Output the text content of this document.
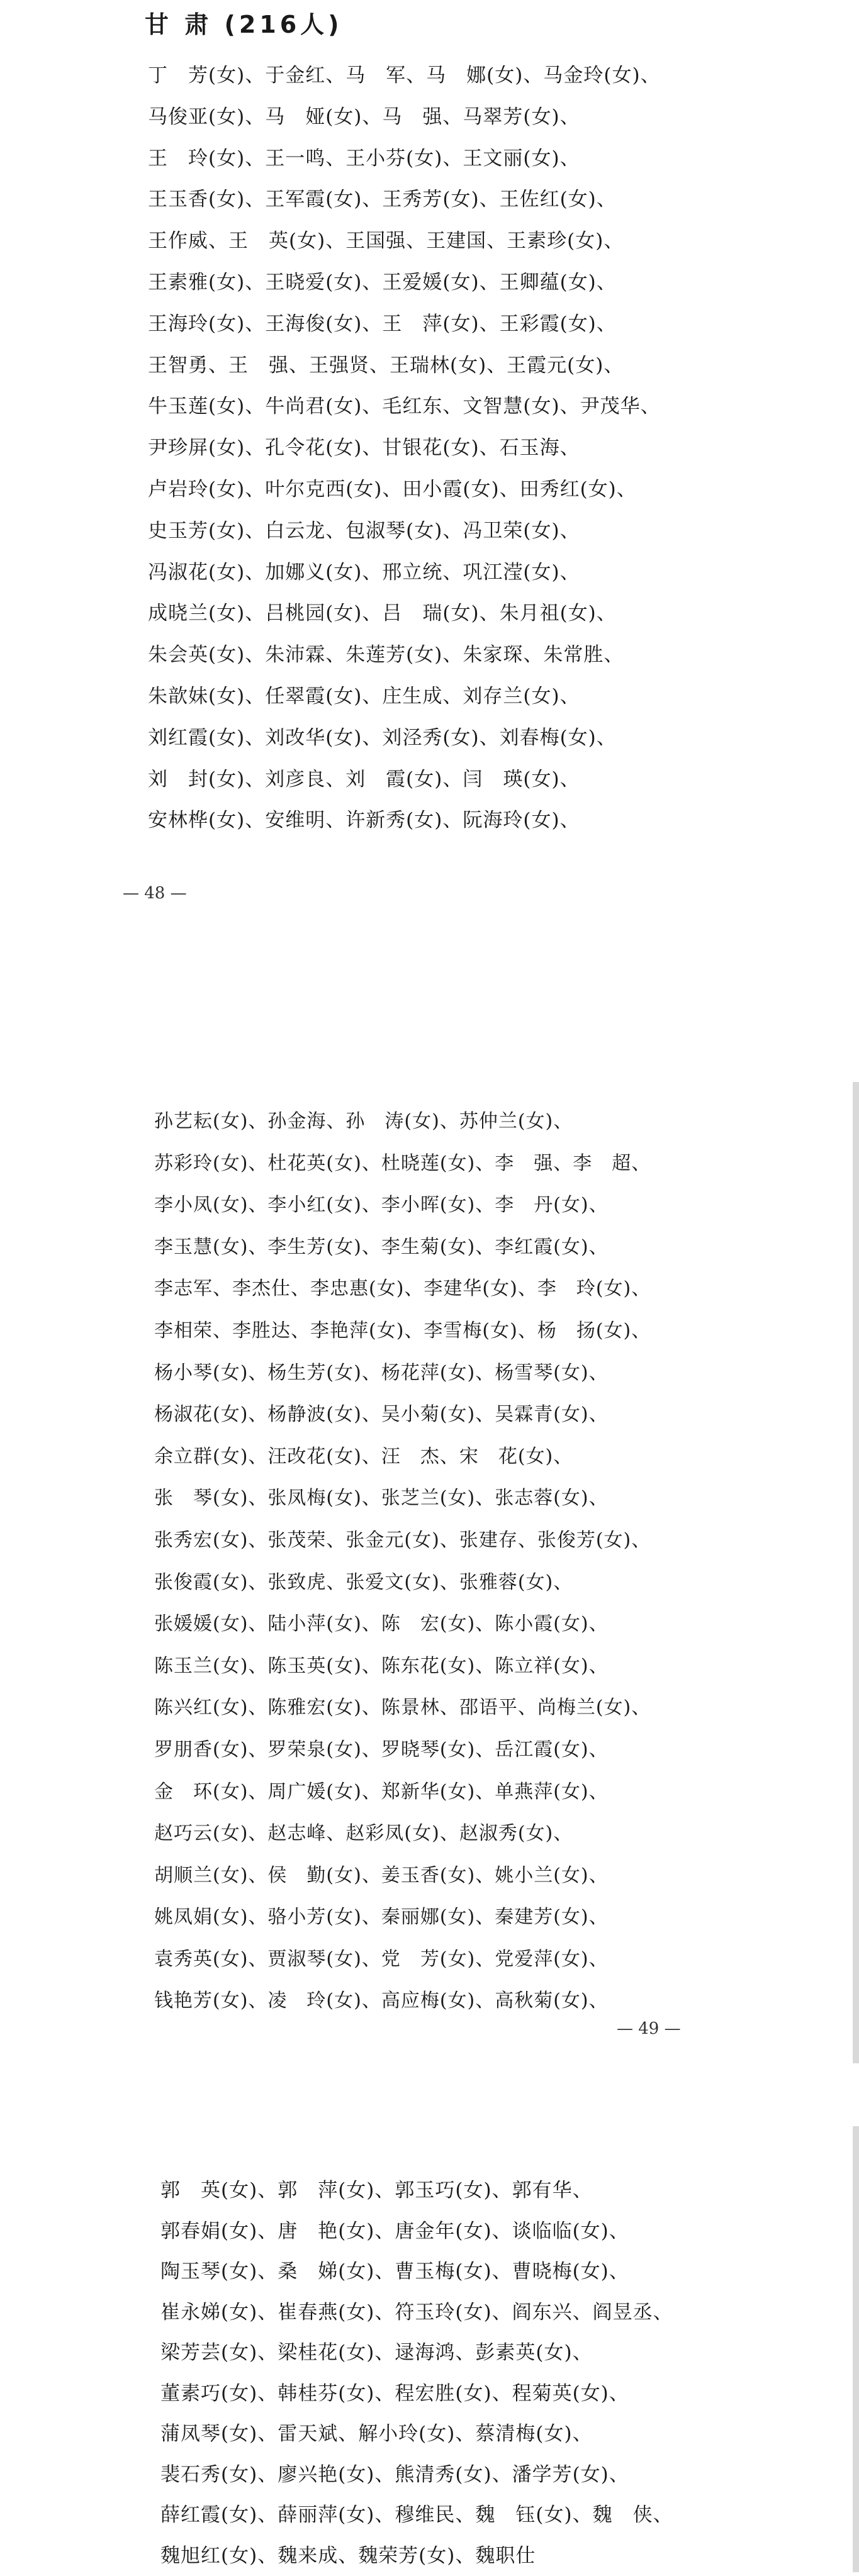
甘 肃 (216人)
丁　芳(女)、于金红、马　军、马　娜(女)、马金玲(女)、
马俊亚(女)、马　娅(女)、马　强、马翠芳(女)、
王　玲(女)、王一鸣、王小芬(女)、王文丽(女)、
王玉香(女)、王军霞(女)、王秀芳(女)、王佐红(女)、
王作威、王　英(女)、王国强、王建国、王素珍(女)、
王素雅(女)、王晓爱(女)、王爱媛(女)、王卿蕴(女)、
王海玲(女)、王海俊(女)、王　萍(女)、王彩霞(女)、
王智勇、王　强、王强贤、王瑞林(女)、王霞元(女)、
牛玉莲(女)、牛尚君(女)、毛红东、文智慧(女)、尹茂华、
尹珍屏(女)、孔令花(女)、甘银花(女)、石玉海、
卢岩玲(女)、叶尔克西(女)、田小霞(女)、田秀红(女)、
史玉芳(女)、白云龙、包淑琴(女)、冯卫荣(女)、
冯淑花(女)、加娜义(女)、邢立统、巩江滢(女)、
成晓兰(女)、吕桃园(女)、吕　瑞(女)、朱月祖(女)、
朱会英(女)、朱沛霖、朱莲芳(女)、朱家琛、朱常胜、
朱歆妹(女)、任翠霞(女)、庄生成、刘存兰(女)、
刘红霞(女)、刘改华(女)、刘泾秀(女)、刘春梅(女)、
刘　封(女)、刘彦良、刘　霞(女)、闫　瑛(女)、
安林桦(女)、安维明、许新秀(女)、阮海玲(女)、
— 48 —
孙艺耘(女)、孙金海、孙　涛(女)、苏仲兰(女)、
苏彩玲(女)、杜花英(女)、杜晓莲(女)、李　强、李　超、
李小凤(女)、李小红(女)、李小晖(女)、李　丹(女)、
李玉慧(女)、李生芳(女)、李生菊(女)、李红霞(女)、
李志军、李杰仕、李忠惠(女)、李建华(女)、李　玲(女)、
李相荣、李胜达、李艳萍(女)、李雪梅(女)、杨　扬(女)、
杨小琴(女)、杨生芳(女)、杨花萍(女)、杨雪琴(女)、
杨淑花(女)、杨静波(女)、吴小菊(女)、吴霖青(女)、
余立群(女)、汪改花(女)、汪　杰、宋　花(女)、
张　琴(女)、张凤梅(女)、张芝兰(女)、张志蓉(女)、
张秀宏(女)、张茂荣、张金元(女)、张建存、张俊芳(女)、
张俊霞(女)、张致虎、张爱文(女)、张雅蓉(女)、
张媛媛(女)、陆小萍(女)、陈　宏(女)、陈小霞(女)、
陈玉兰(女)、陈玉英(女)、陈东花(女)、陈立祥(女)、
陈兴红(女)、陈雅宏(女)、陈景林、邵语平、尚梅兰(女)、
罗朋香(女)、罗荣泉(女)、罗晓琴(女)、岳江霞(女)、
金　环(女)、周广媛(女)、郑新华(女)、单燕萍(女)、
赵巧云(女)、赵志峰、赵彩凤(女)、赵淑秀(女)、
胡顺兰(女)、侯　勤(女)、姜玉香(女)、姚小兰(女)、
姚凤娟(女)、骆小芳(女)、秦丽娜(女)、秦建芳(女)、
袁秀英(女)、贾淑琴(女)、党　芳(女)、党爱萍(女)、
钱艳芳(女)、凌　玲(女)、高应梅(女)、高秋菊(女)、
— 49 —
郭　英(女)、郭　萍(女)、郭玉巧(女)、郭有华、
郭春娟(女)、唐　艳(女)、唐金年(女)、谈临临(女)、
陶玉琴(女)、桑　娣(女)、曹玉梅(女)、曹晓梅(女)、
崔永娣(女)、崔春燕(女)、符玉玲(女)、阎东兴、阎昱丞、
梁芳芸(女)、梁桂花(女)、逯海鸿、彭素英(女)、
董素巧(女)、韩桂芬(女)、程宏胜(女)、程菊英(女)、
蒲凤琴(女)、雷天斌、解小玲(女)、蔡清梅(女)、
裴石秀(女)、廖兴艳(女)、熊清秀(女)、潘学芳(女)、
薛红霞(女)、薛丽萍(女)、穆维民、魏　钰(女)、魏　侠、
魏旭红(女)、魏来成、魏荣芳(女)、魏职仕
